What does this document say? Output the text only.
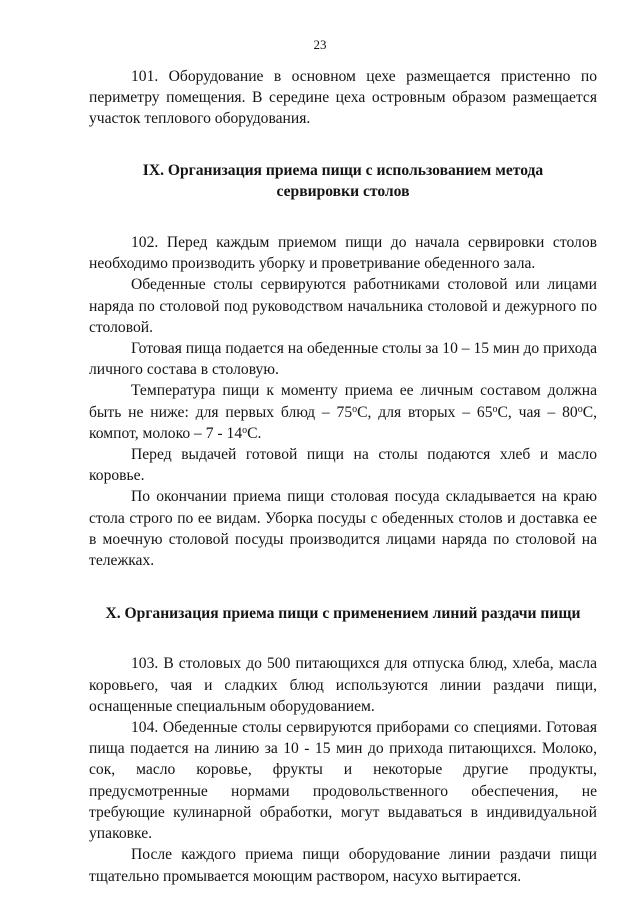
23

101. Оборудование в основном цехе размещается пристенно по периметру помещения. В середине цеха островным образом размещается участок теплового оборудования.

IX. Организация приема пищи с использованием метода сервировки столов

102. Перед каждым приемом пищи до начала сервировки столов необходимо производить уборку и проветривание обеденного зала.

Обеденные столы сервируются работниками столовой или лицами наряда по столовой под руководством начальника столовой и дежурного по столовой.

Готовая пища подается на обеденные столы за 10 – 15 мин до прихода личного состава в столовую.

Температура пищи к моменту приема ее личным составом должна быть не ниже: для первых блюд – $75^оС$, для вторых – $65^оС$, чая – $80^оС$, компот, молоко – $7 - 14^оС$.

Перед выдачей готовой пищи на столы подаются хлеб и масло коровье.

По окончании приема пищи столовая посуда складывается на краю стола строго по ее видам. Уборка посуды с обеденных столов и доставка ее в моечную столовой посуды производится лицами наряда по столовой на тележках.

X. Организация приема пищи с применением линий раздачи пищи

103. В столовых до 500 питающихся для отпуска блюд, хлеба, масла коровьего, чая и сладких блюд используются линии раздачи пищи, оснащенные специальным оборудованием.

104. Обеденные столы сервируются приборами со специями. Готовая пища подается на линию за 10 - 15 мин до прихода питающихся. Молоко, сок, масло коровье, фрукты и некоторые другие продукты, предусмотренные нормами продовольственного обеспечения, не требующие кулинарной обработки, могут выдаваться в индивидуальной упаковке.

После каждого приема пищи оборудование линии раздачи пищи тщательно промывается моющим раствором, насухо вытирается.
